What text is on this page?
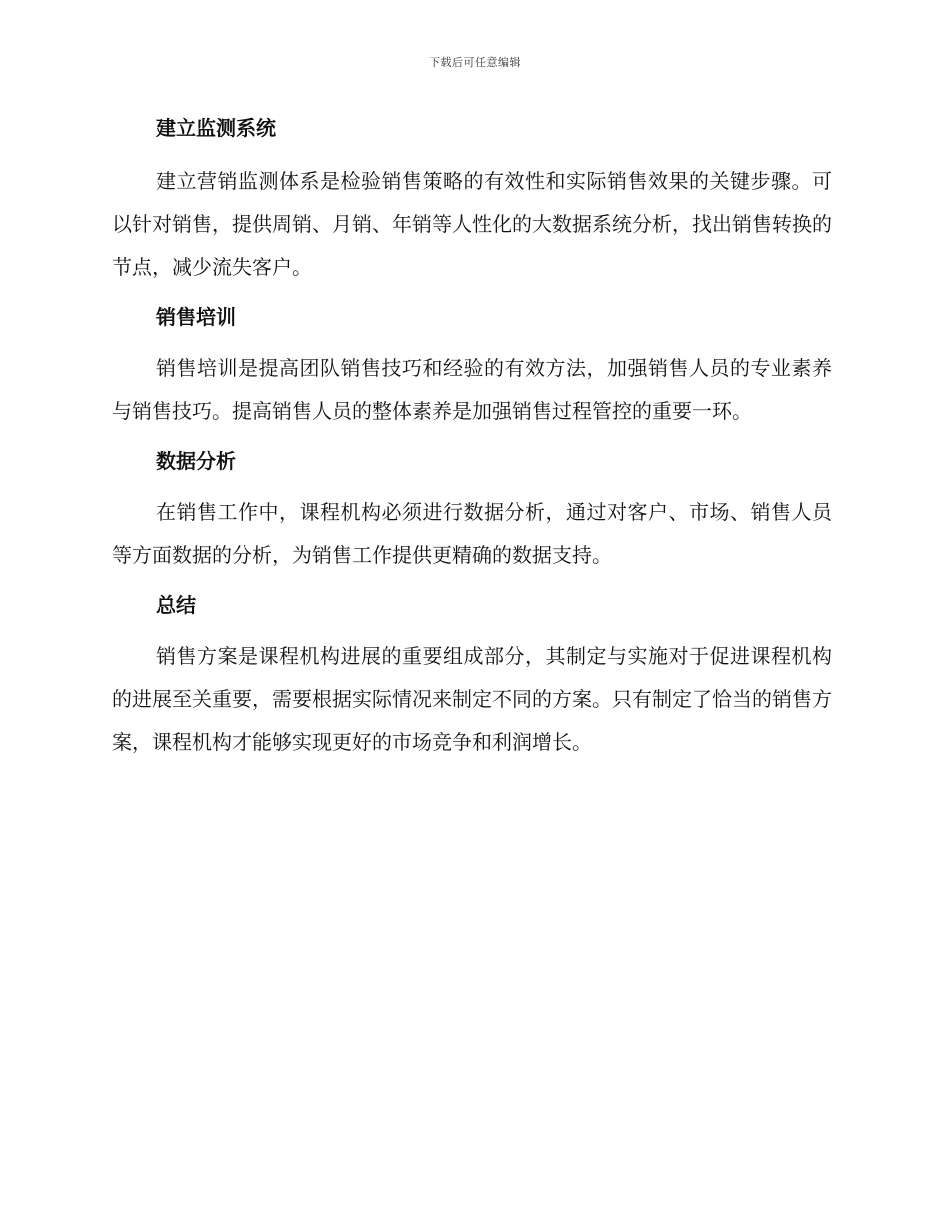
下载后可任意编辑
建立监测系统

建立营销监测体系是检验销售策略的有效性和实际销售效果的关键步骤。可以针对销售，提供周销、月销、年销等人性化的大数据系统分析，找出销售转换的节点，减少流失客户。

销售培训

销售培训是提高团队销售技巧和经验的有效方法，加强销售人员的专业素养与销售技巧。提高销售人员的整体素养是加强销售过程管控的重要一环。

数据分析

在销售工作中，课程机构必须进行数据分析，通过对客户、市场、销售人员等方面数据的分析，为销售工作提供更精确的数据支持。

总结

销售方案是课程机构进展的重要组成部分，其制定与实施对于促进课程机构的进展至关重要，需要根据实际情况来制定不同的方案。只有制定了恰当的销售方案，课程机构才能够实现更好的市场竞争和利润增长。
